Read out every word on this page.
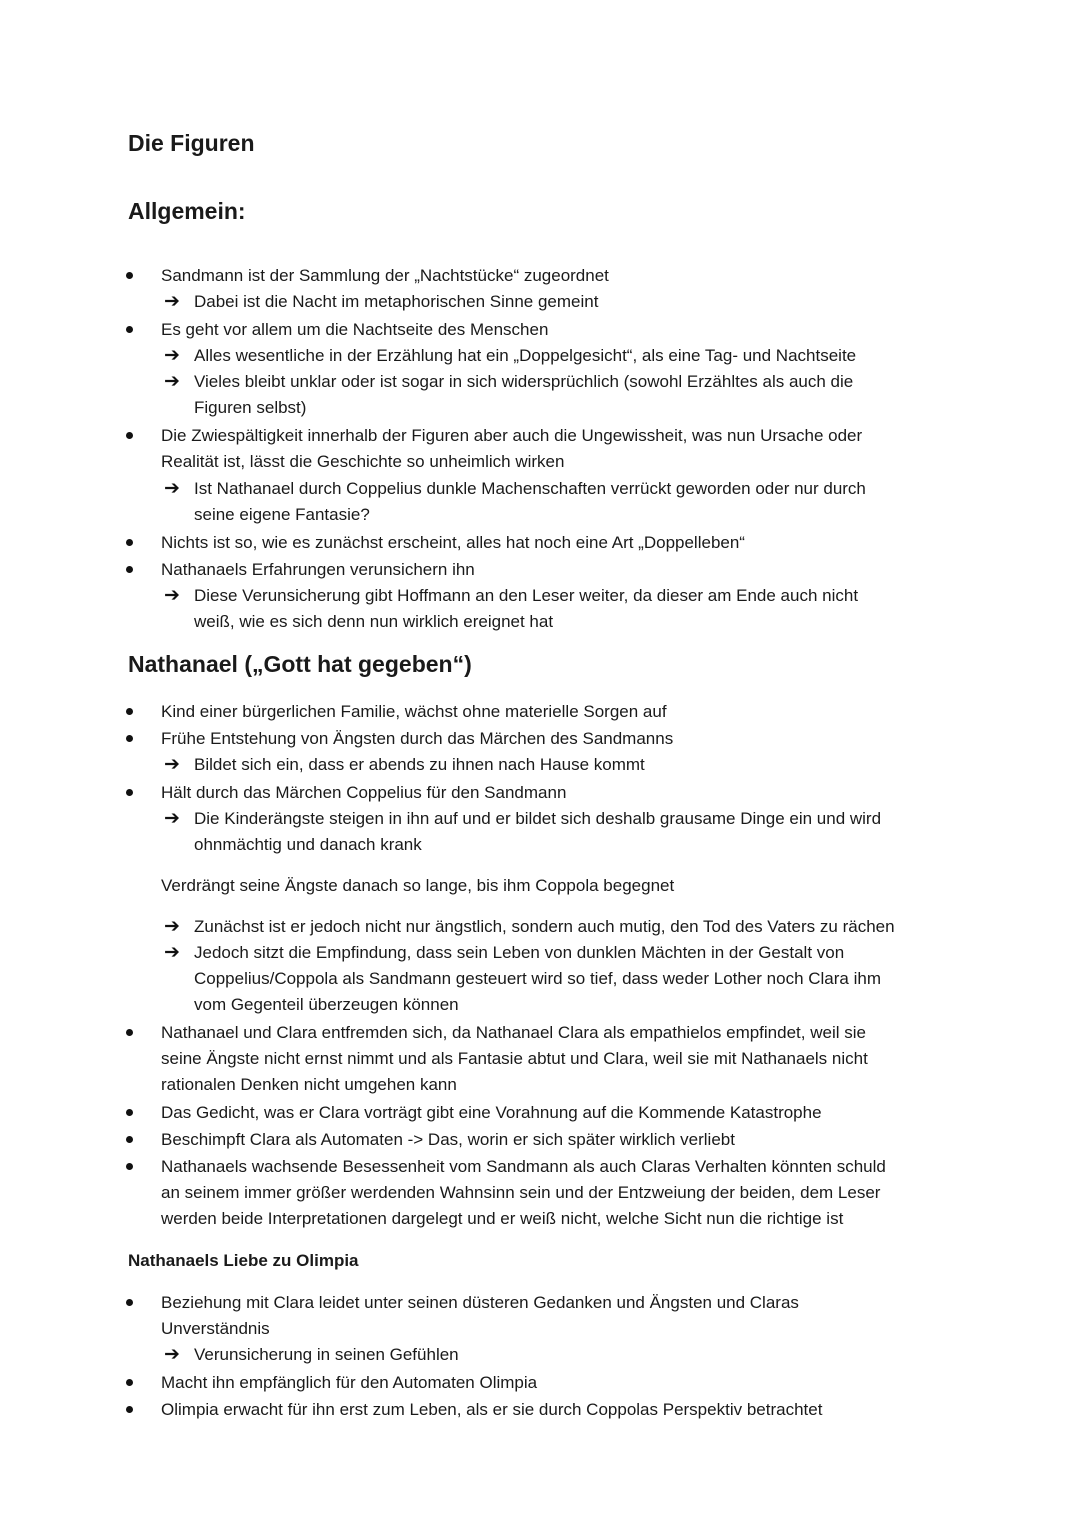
Die Figuren
Allgemein:
Sandmann ist der Sammlung der „Nachtstücke“ zugeordnet
➔ Dabei ist die Nacht im metaphorischen Sinne gemeint
Es geht vor allem um die Nachtseite des Menschen
➔ Alles wesentliche in der Erzählung hat ein „Doppelgesicht“, als eine Tag- und Nachtseite
➔ Vieles bleibt unklar oder ist sogar in sich widersprüchlich (sowohl Erzähltes als auch die
Figuren selbst)
Die Zwiespältigkeit innerhalb der Figuren aber auch die Ungewissheit, was nun Ursache oder
Realität ist, lässt die Geschichte so unheimlich wirken
➔ Ist Nathanael durch Coppelius dunkle Machenschaften verrückt geworden oder nur durch
seine eigene Fantasie?
Nichts ist so, wie es zunächst erscheint, alles hat noch eine Art „Doppelleben“
Nathanaels Erfahrungen verunsichern ihn
➔ Diese Verunsicherung gibt Hoffmann an den Leser weiter, da dieser am Ende auch nicht
weiß, wie es sich denn nun wirklich ereignet hat
Nathanael („Gott hat gegeben“)
Kind einer bürgerlichen Familie, wächst ohne materielle Sorgen auf
Frühe Entstehung von Ängsten durch das Märchen des Sandmanns
➔ Bildet sich ein, dass er abends zu ihnen nach Hause kommt
Hält durch das Märchen Coppelius für den Sandmann
➔ Die Kinderängste steigen in ihn auf und er bildet sich deshalb grausame Dinge ein und wird
ohnmächtig und danach krank
Verdrängt seine Ängste danach so lange, bis ihm Coppola begegnet
➔ Zunächst ist er jedoch nicht nur ängstlich, sondern auch mutig, den Tod des Vaters zu rächen
➔ Jedoch sitzt die Empfindung, dass sein Leben von dunklen Mächten in der Gestalt von
Coppelius/Coppola als Sandmann gesteuert wird so tief, dass weder Lother noch Clara ihm
vom Gegenteil überzeugen können
Nathanael und Clara entfremden sich, da Nathanael Clara als empathielos empfindet, weil sie
seine Ängste nicht ernst nimmt und als Fantasie abtut und Clara, weil sie mit Nathanaels nicht
rationalen Denken nicht umgehen kann
Das Gedicht, was er Clara vorträgt gibt eine Vorahnung auf die Kommende Katastrophe
Beschimpft Clara als Automaten -> Das, worin er sich später wirklich verliebt
Nathanaels wachsende Besessenheit vom Sandmann als auch Claras Verhalten könnten schuld
an seinem immer größer werdenden Wahnsinn sein und der Entzweiung der beiden, dem Leser
werden beide Interpretationen dargelegt und er weiß nicht, welche Sicht nun die richtige ist
Nathanaels Liebe zu Olimpia
Beziehung mit Clara leidet unter seinen düsteren Gedanken und Ängsten und Claras
Unverständnis
➔ Verunsicherung in seinen Gefühlen
Macht ihn empfänglich für den Automaten Olimpia
Olimpia erwacht für ihn erst zum Leben, als er sie durch Coppolas Perspektiv betrachtet
